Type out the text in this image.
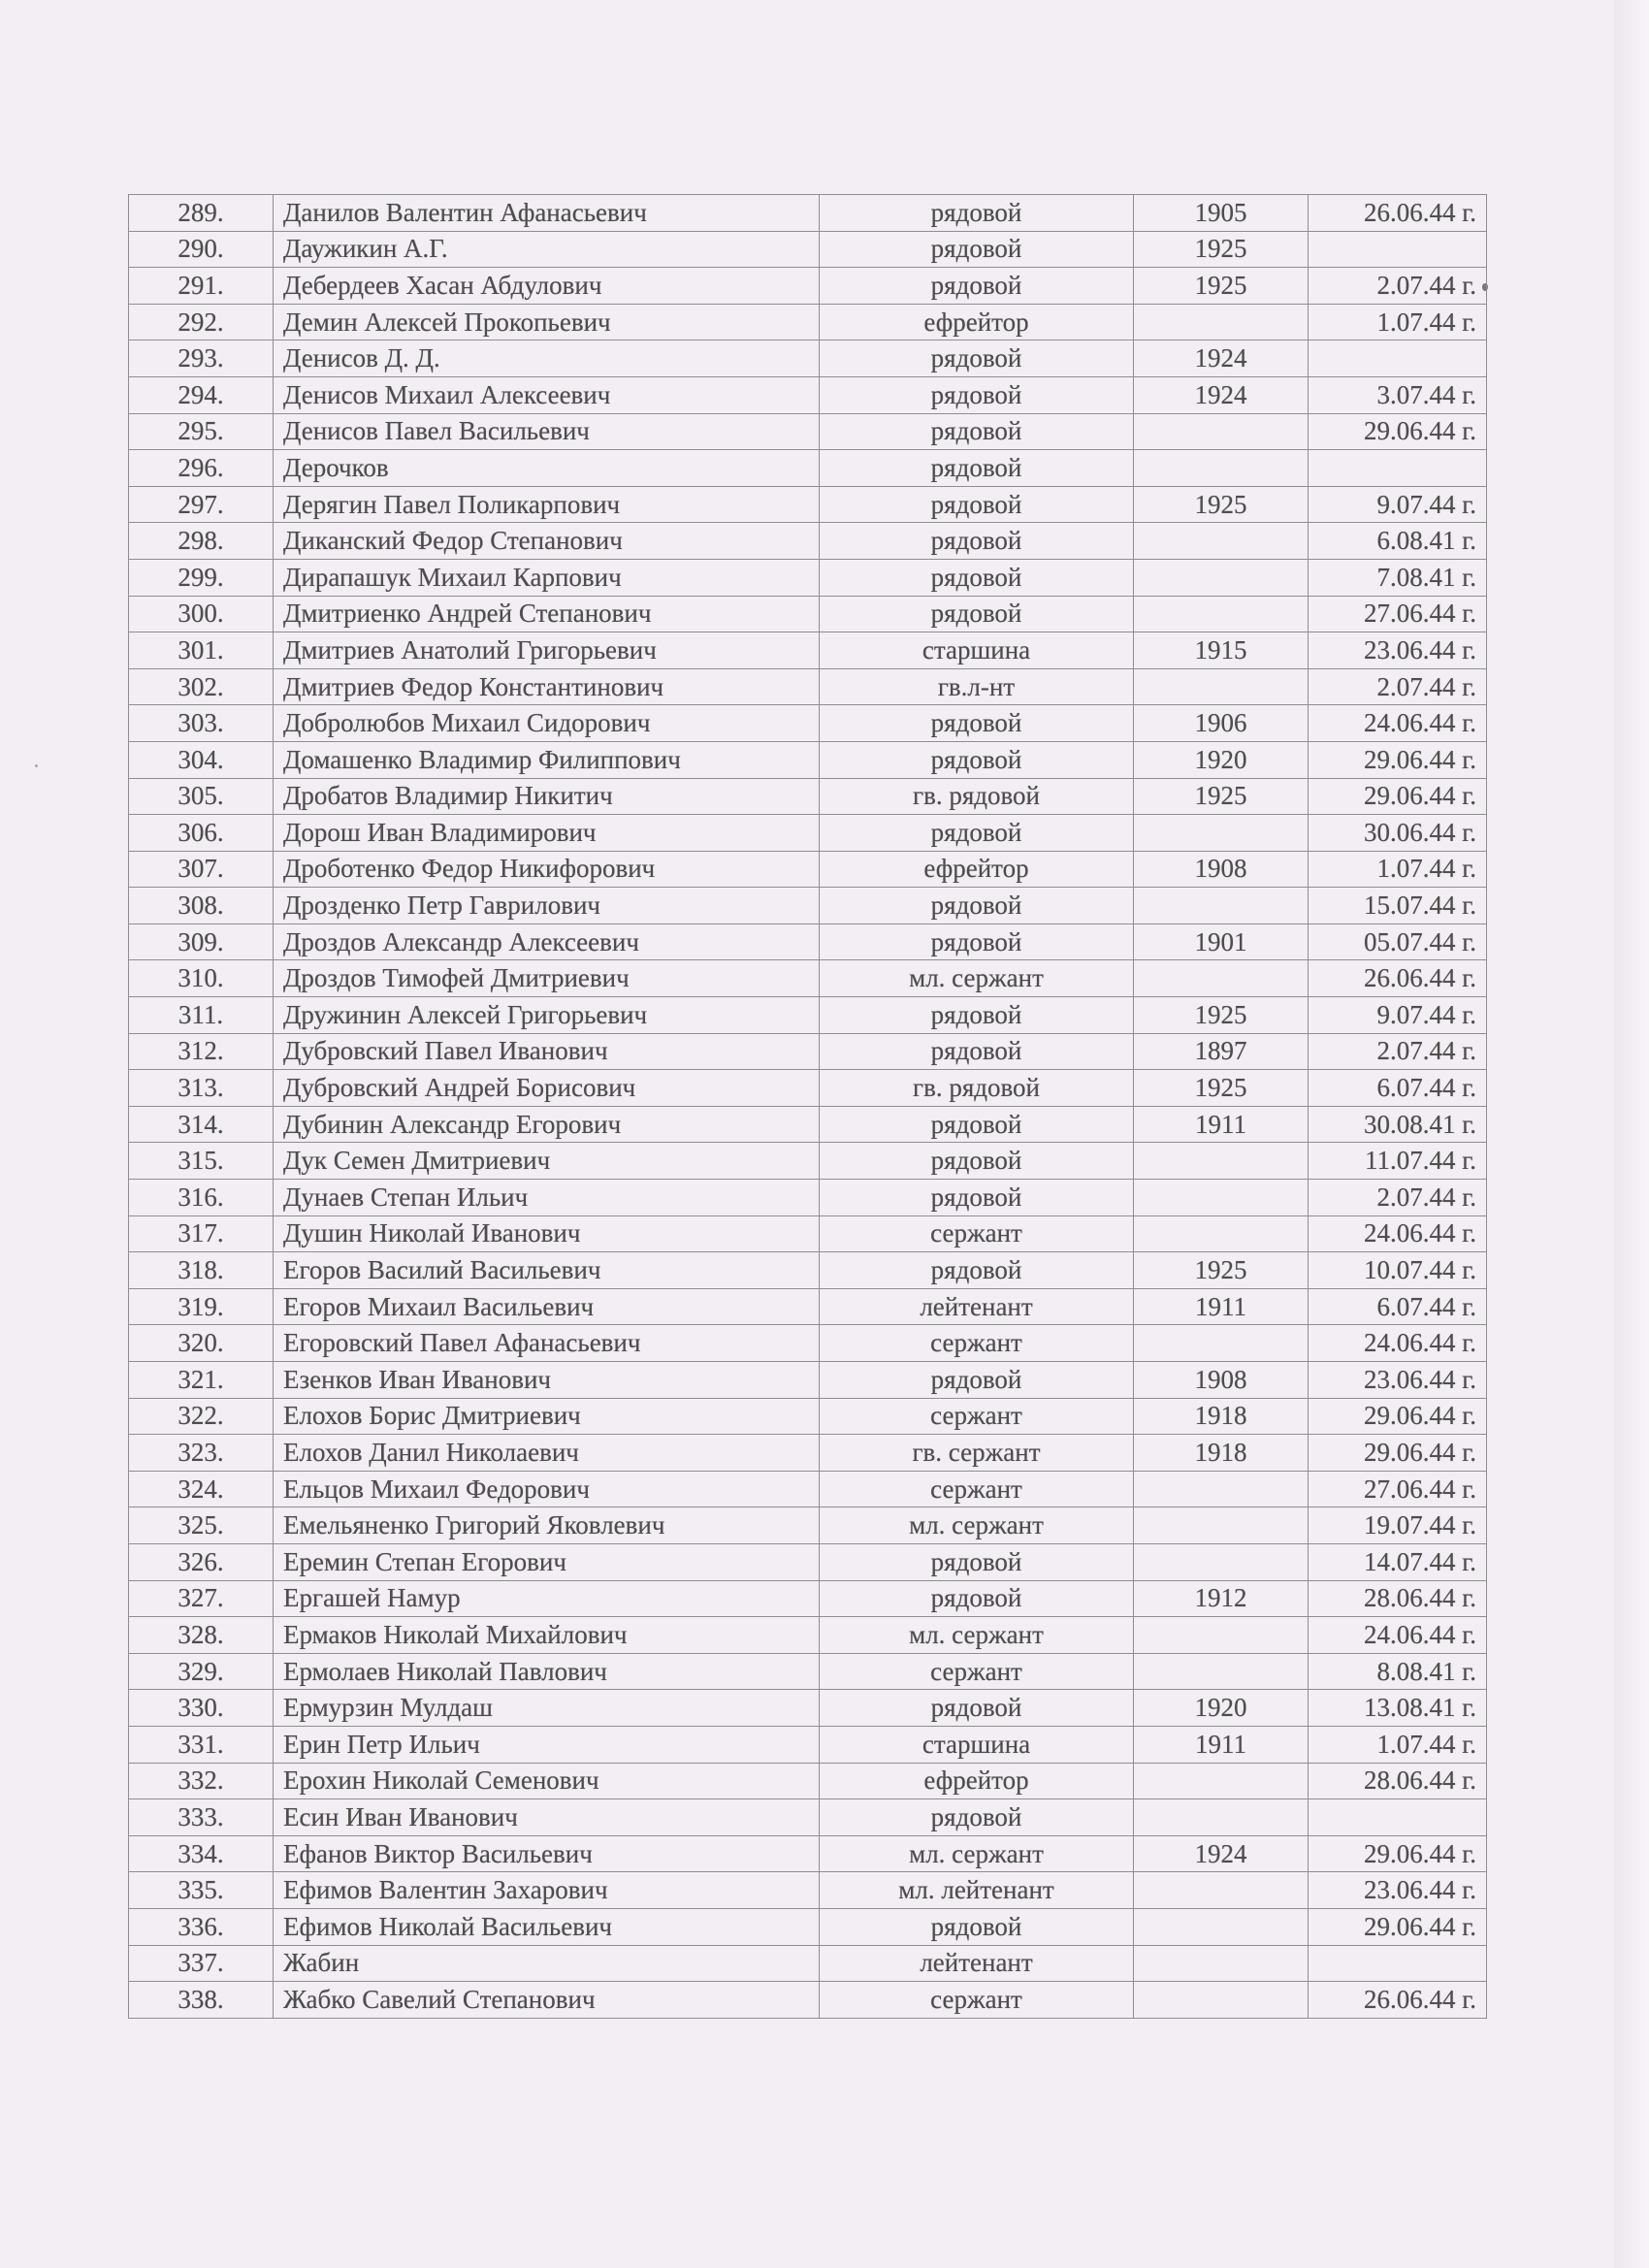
289.	Данилов Валентин Афанасьевич	рядовой	1905	26.06.44 г.
290.	Даужикин А.Г.	рядовой	1925	
291.	Дебердеев Хасан Абдулович	рядовой	1925	2.07.44 г.
292.	Демин Алексей Прокопьевич	ефрейтор		1.07.44 г.
293.	Денисов Д. Д.	рядовой	1924	
294.	Денисов Михаил Алексеевич	рядовой	1924	3.07.44 г.
295.	Денисов Павел Васильевич	рядовой		29.06.44 г.
296.	Дерочков	рядовой		
297.	Дерягин Павел Поликарпович	рядовой	1925	9.07.44 г.
298.	Диканский Федор Степанович	рядовой		6.08.41 г.
299.	Дирапашук Михаил Карпович	рядовой		7.08.41 г.
300.	Дмитриенко Андрей Степанович	рядовой		27.06.44 г.
301.	Дмитриев Анатолий Григорьевич	старшина	1915	23.06.44 г.
302.	Дмитриев Федор Константинович	гв.л-нт		2.07.44 г.
303.	Добролюбов Михаил Сидорович	рядовой	1906	24.06.44 г.
304.	Домашенко Владимир Филиппович	рядовой	1920	29.06.44 г.
305.	Дробатов Владимир Никитич	гв. рядовой	1925	29.06.44 г.
306.	Дорош Иван Владимирович	рядовой		30.06.44 г.
307.	Дроботенко Федор Никифорович	ефрейтор	1908	1.07.44 г.
308.	Дрозденко Петр Гаврилович	рядовой		15.07.44 г.
309.	Дроздов Александр Алексеевич	рядовой	1901	05.07.44 г.
310.	Дроздов Тимофей Дмитриевич	мл. сержант		26.06.44 г.
311.	Дружинин Алексей Григорьевич	рядовой	1925	9.07.44 г.
312.	Дубровский Павел Иванович	рядовой	1897	2.07.44 г.
313.	Дубровский Андрей Борисович	гв. рядовой	1925	6.07.44 г.
314.	Дубинин Александр Егорович	рядовой	1911	30.08.41 г.
315.	Дук Семен Дмитриевич	рядовой		11.07.44 г.
316.	Дунаев Степан Ильич	рядовой		2.07.44 г.
317.	Душин Николай Иванович	сержант		24.06.44 г.
318.	Егоров Василий Васильевич	рядовой	1925	10.07.44 г.
319.	Егоров Михаил Васильевич	лейтенант	1911	6.07.44 г.
320.	Егоровский Павел Афанасьевич	сержант		24.06.44 г.
321.	Езенков Иван Иванович	рядовой	1908	23.06.44 г.
322.	Елохов Борис Дмитриевич	сержант	1918	29.06.44 г.
323.	Елохов Данил Николаевич	гв. сержант	1918	29.06.44 г.
324.	Ельцов Михаил Федорович	сержант		27.06.44 г.
325.	Емельяненко Григорий Яковлевич	мл. сержант		19.07.44 г.
326.	Еремин Степан Егорович	рядовой		14.07.44 г.
327.	Ергашей Намур	рядовой	1912	28.06.44 г.
328.	Ермаков Николай Михайлович	мл. сержант		24.06.44 г.
329.	Ермолаев Николай Павлович	сержант		8.08.41 г.
330.	Ермурзин Мулдаш	рядовой	1920	13.08.41 г.
331.	Ерин Петр Ильич	старшина	1911	1.07.44 г.
332.	Ерохин Николай Семенович	ефрейтор		28.06.44 г.
333.	Есин Иван Иванович	рядовой		
334.	Ефанов Виктор Васильевич	мл. сержант	1924	29.06.44 г.
335.	Ефимов Валентин Захарович	мл. лейтенант		23.06.44 г.
336.	Ефимов Николай Васильевич	рядовой		29.06.44 г.
337.	Жабин	лейтенант		
338.	Жабко Савелий Степанович	сержант		26.06.44 г.
